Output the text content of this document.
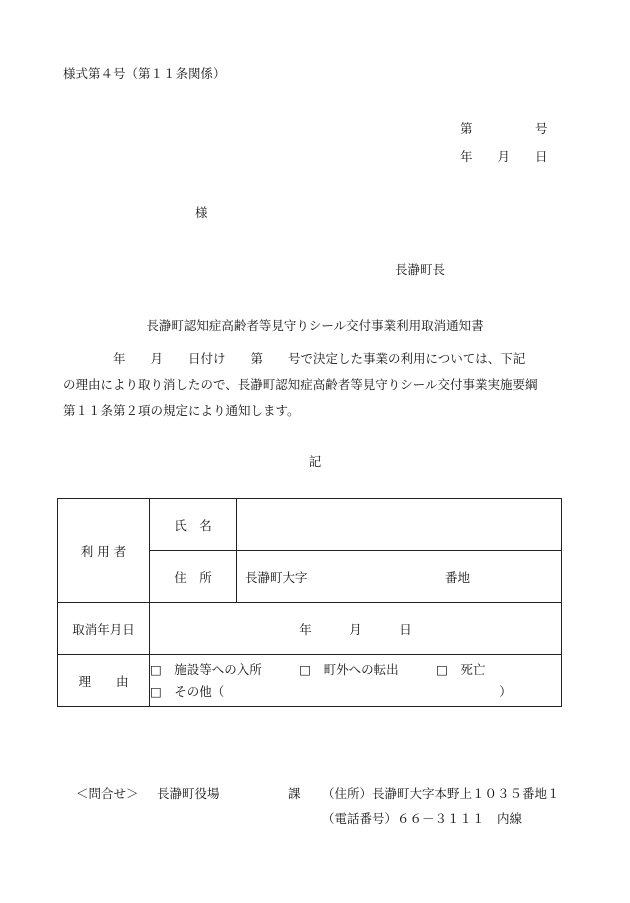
様式第４号（第１１条関係）
第　　　　　号
年　　月　　日
様
長瀞町長
長瀞町認知症高齢者等見守りシール交付事業利用取消通知書
　　　　年　　月　　日付け　　第　　号で決定した事業の利用については、下記
の理由により取り消したので、長瀞町認知症高齢者等見守りシール交付事業実施要綱
第１１条第２項の規定により通知します。
記
利 用 者	氏　名	
	住　所	長瀞町大字　　　　　　　　　　　番地
取消年月日	年　　　月　　　日	
理　　由	□　施設等への入所　　　□　町外への転出　　　□　死亡
□　その他（　　　　　　　　　　　　　　　　　　　　　　）	
＜問合せ＞ 長瀞町役場	課 （住所）長瀞町大字本野上１０３５番地１
（電話番号）６６－３１１１　内線
